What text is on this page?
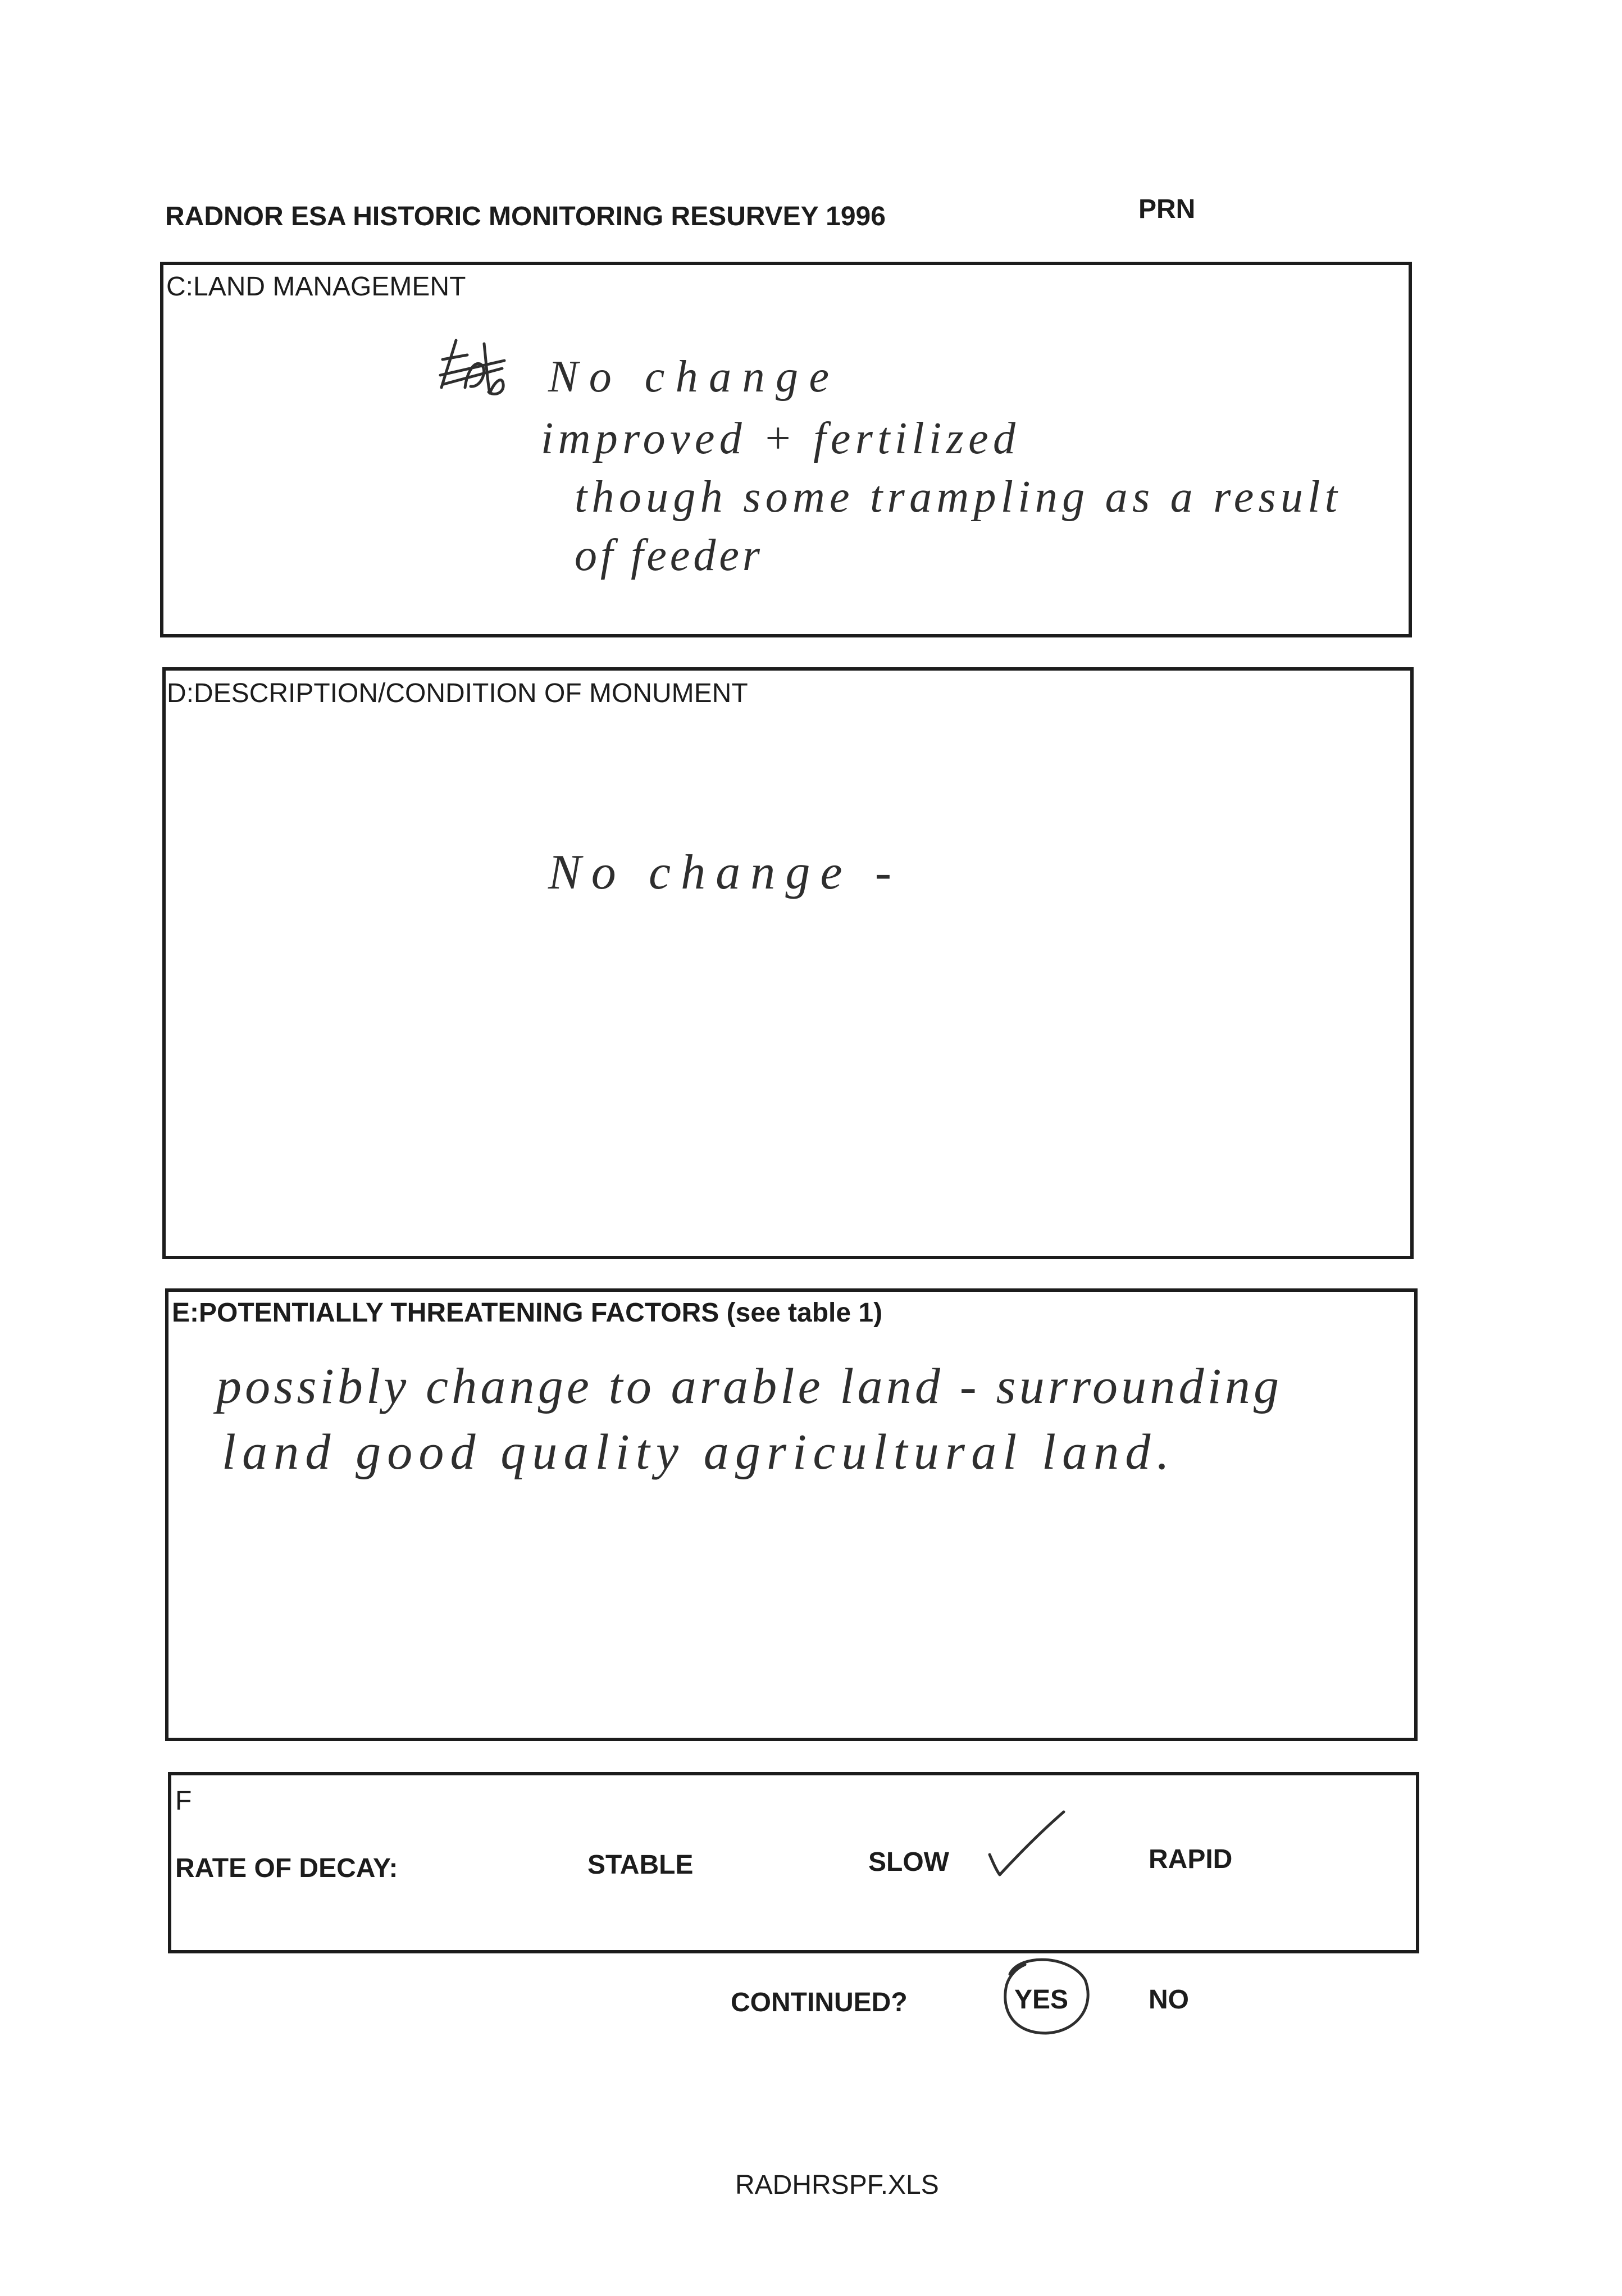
RADNOR ESA HISTORIC MONITORING RESURVEY 1996	PRN
C:LAND MANAGEMENT
D:DESCRIPTION/CONDITION OF MONUMENT
E:POTENTIALLY THREATENING FACTORS (see table 1)
F
RATE OF DECAY:	STABLE	SLOW	RAPID
CONTINUED?	YES	NO
RADHRSPF.XLS
No change
improved + fertilized
though some trampling as a result
of feeder
No change -
possibly change to arable land - surrounding
land good quality agricultural land.
